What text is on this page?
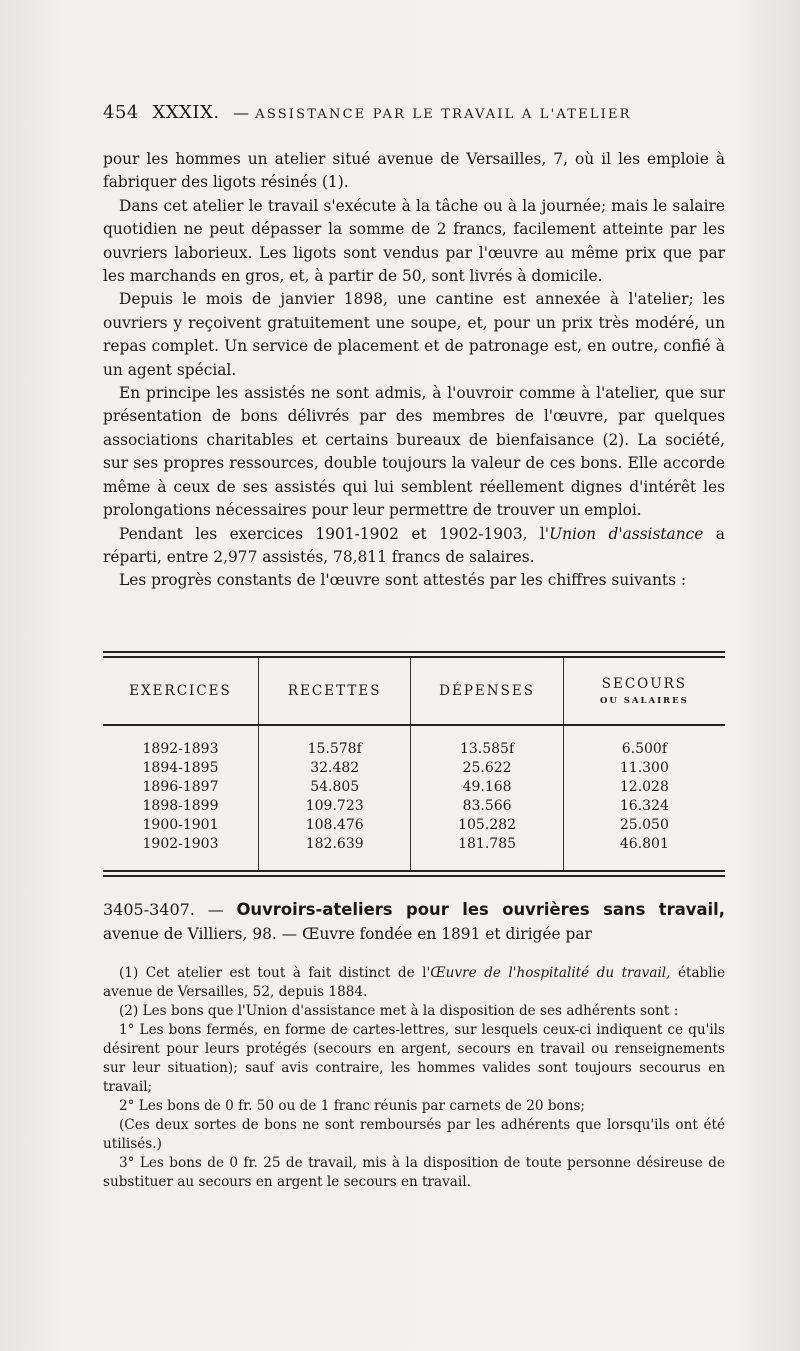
454 XXXIX. — ASSISTANCE PAR LE TRAVAIL A L'ATELIER

pour les hommes un atelier situé avenue de Versailles, 7, où il les emploie à fabriquer des ligots résinés (1).

Dans cet atelier le travail s'exécute à la tâche ou à la journée; mais le salaire quotidien ne peut dépasser la somme de 2 francs, facilement atteinte par les ouvriers laborieux. Les ligots sont vendus par l'œuvre au même prix que par les marchands en gros, et, à partir de 50, sont livrés à domicile.

Depuis le mois de janvier 1898, une cantine est annexée à l'atelier; les ouvriers y reçoivent gratuitement une soupe, et, pour un prix très modéré, un repas complet. Un service de placement et de patronage est, en outre, confié à un agent spécial.

En principe les assistés ne sont admis, à l'ouvroir comme à l'atelier, que sur présentation de bons délivrés par des membres de l'œuvre, par quelques associations charitables et certains bureaux de bienfaisance (2). La société, sur ses propres ressources, double toujours la valeur de ces bons. Elle accorde même à ceux de ses assistés qui lui semblent réellement dignes d'intérêt les prolongations nécessaires pour leur permettre de trouver un emploi.

Pendant les exercices 1901-1902 et 1902-1903, l'Union d'assistance a réparti, entre 2,977 assistés, 78,811 francs de salaires.

Les progrès constants de l'œuvre sont attestés par les chiffres suivants :

EXERCICES	RECETTES	DÉPENSES	SECOURS
OU SALAIRES

1892-1893	15.578f	13.585f	6.500f
1894-1895	32.482	25.622	11.300
1896-1897	54.805	49.168	12.028
1898-1899	109.723	83.566	16.324
1900-1901	108.476	105.282	25.050
1902-1903	182.639	181.785	46.801
3405-3407. — Ouvroirs-ateliers pour les ouvrières sans travail, avenue de Villiers, 98. — Œuvre fondée en 1891 et dirigée par

(1) Cet atelier est tout à fait distinct de l'Œuvre de l'hospitalité du travail, établie avenue de Versailles, 52, depuis 1884.

(2) Les bons que l'Union d'assistance met à la disposition de ses adhérents sont :

1° Les bons fermés, en forme de cartes-lettres, sur lesquels ceux-ci indiquent ce qu'ils désirent pour leurs protégés (secours en argent, secours en travail ou renseignements sur leur situation); sauf avis contraire, les hommes valides sont toujours secourus en travail;

2° Les bons de 0 fr. 50 ou de 1 franc réunis par carnets de 20 bons;

(Ces deux sortes de bons ne sont remboursés par les adhérents que lorsqu'ils ont été utilisés.)

3° Les bons de 0 fr. 25 de travail, mis à la disposition de toute personne désireuse de substituer au secours en argent le secours en travail.
